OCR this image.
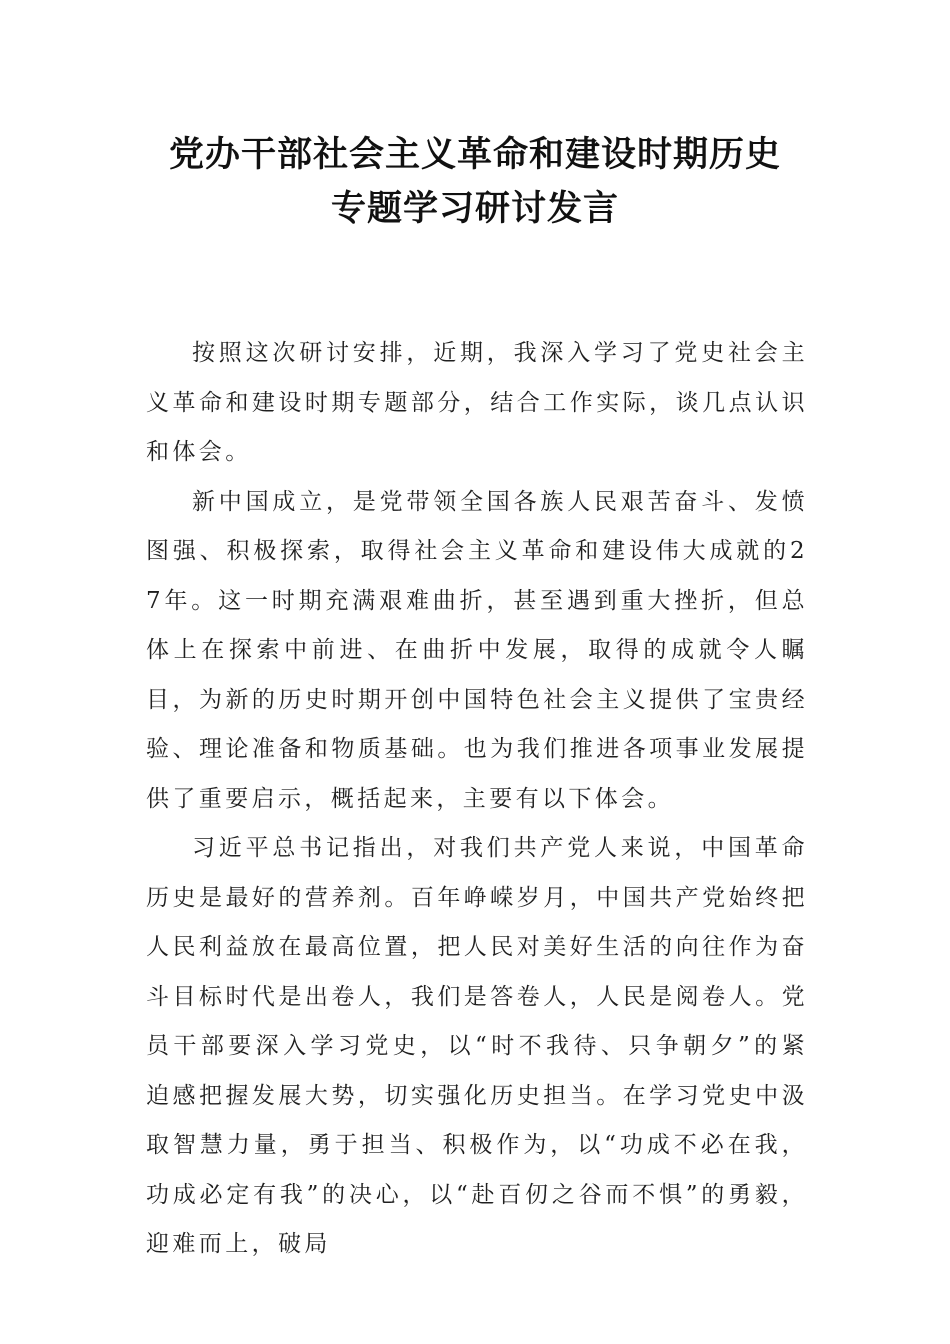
党办干部社会主义革命和建设时期历史
专题学习研讨发言

按照这次研讨安排，近期，我深入学习了党史社会主义革命和建设时期专题部分，结合工作实际，谈几点认识和体会。

新中国成立，是党带领全国各族人民艰苦奋斗、发愤图强、积极探索，取得社会主义革命和建设伟大成就的27年。这一时期充满艰难曲折，甚至遇到重大挫折，但总体上在探索中前进、在曲折中发展，取得的成就令人瞩目，为新的历史时期开创中国特色社会主义提供了宝贵经验、理论准备和物质基础。也为我们推进各项事业发展提供了重要启示，概括起来，主要有以下体会。

习近平总书记指出，对我们共产党人来说，中国革命历史是最好的营养剂。百年峥嵘岁月，中国共产党始终把人民利益放在最高位置，把人民对美好生活的向往作为奋斗目标时代是出卷人，我们是答卷人，人民是阅卷人。党员干部要深入学习党史，以“时不我待、只争朝夕”的紧迫感把握发展大势，切实强化历史担当。在学习党史中汲取智慧力量，勇于担当、积极作为，以“功成不必在我，功成必定有我”的决心，以“赴百仞之谷而不惧”的勇毅，迎难而上，破局
